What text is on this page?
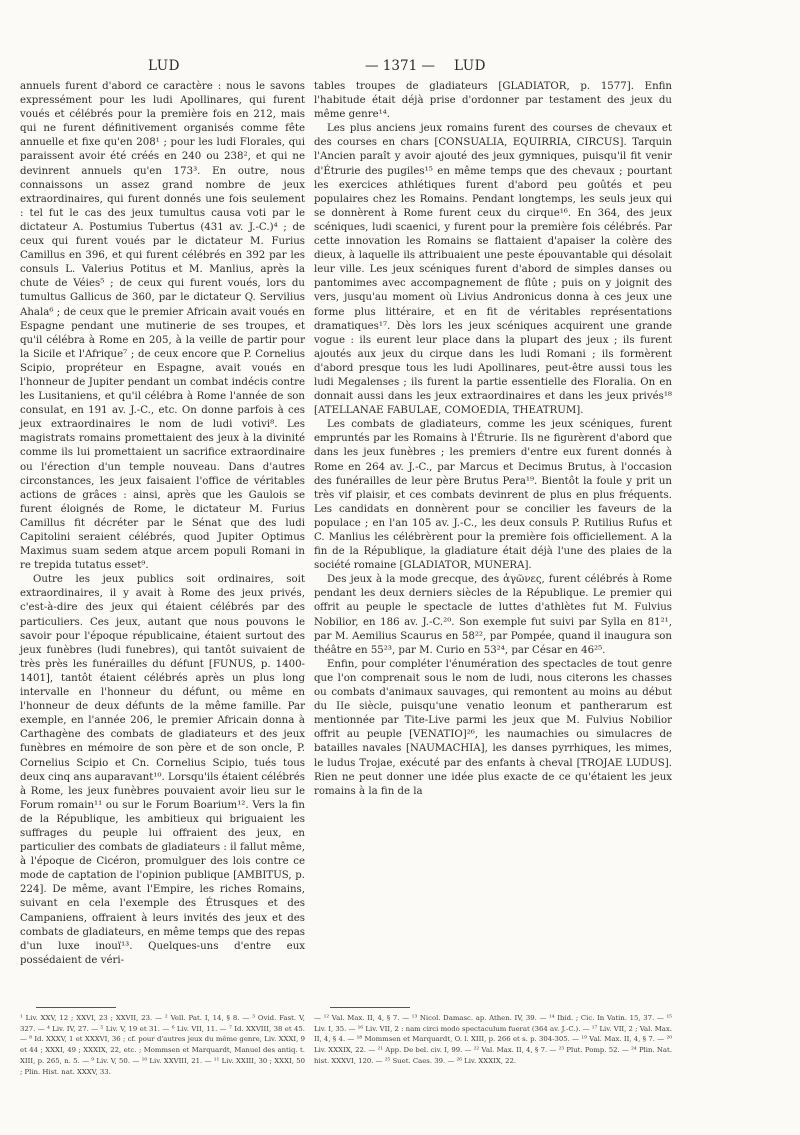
LUD	— 1371 —	LUD

annuels furent d'abord ce caractère : nous le savons expressément pour les ludi Apollinares, qui furent voués et célébrés pour la première fois en 212, mais qui ne furent définitivement organisés comme fête annuelle et fixe qu'en 208¹ ; pour les ludi Florales, qui paraissent avoir été créés en 240 ou 238², et qui ne devinrent annuels qu'en 173³. En outre, nous connaissons un assez grand nombre de jeux extraordinaires, qui furent donnés une fois seulement : tel fut le cas des jeux tumultus causa voti par le dictateur A. Postumius Tubertus (431 av. J.-C.)⁴ ; de ceux qui furent voués par le dictateur M. Furius Camillus en 396, et qui furent célébrés en 392 par les consuls L. Valerius Potitus et M. Manlius, après la chute de Véies⁵ ; de ceux qui furent voués, lors du tumultus Gallicus de 360, par le dictateur Q. Servilius Ahala⁶ ; de ceux que le premier Africain avait voués en Espagne pendant une mutinerie de ses troupes, et qu'il célébra à Rome en 205, à la veille de partir pour la Sicile et l'Afrique⁷ ; de ceux encore que P. Cornelius Scipio, propréteur en Espagne, avait voués en l'honneur de Jupiter pendant un combat indécis contre les Lusitaniens, et qu'il célébra à Rome l'année de son consulat, en 191 av. J.-C., etc. On donne parfois à ces jeux extraordinaires le nom de ludi votivi⁸. Les magistrats romains promettaient des jeux à la divinité comme ils lui promettaient un sacrifice extraordinaire ou l'érection d'un temple nouveau. Dans d'autres circonstances, les jeux faisaient l'office de véritables actions de grâces : ainsi, après que les Gaulois se furent éloignés de Rome, le dictateur M. Furius Camillus fit décréter par le Sénat que des ludi Capitolini seraient célébrés, quod Jupiter Optimus Maximus suam sedem atque arcem populi Romani in re trepida tutatus esset⁹.

Outre les jeux publics soit ordinaires, soit extraordinaires, il y avait à Rome des jeux privés, c'est-à-dire des jeux qui étaient célébrés par des particuliers. Ces jeux, autant que nous pouvons le savoir pour l'époque républicaine, étaient surtout des jeux funèbres (ludi funebres), qui tantôt suivaient de très près les funérailles du défunt [FUNUS, p. 1400-1401], tantôt étaient célébrés après un plus long intervalle en l'honneur du défunt, ou même en l'honneur de deux défunts de la même famille. Par exemple, en l'année 206, le premier Africain donna à Carthagène des combats de gladiateurs et des jeux funèbres en mémoire de son père et de son oncle, P. Cornelius Scipio et Cn. Cornelius Scipio, tués tous deux cinq ans auparavant¹⁰. Lorsqu'ils étaient célébrés à Rome, les jeux funèbres pouvaient avoir lieu sur le Forum romain¹¹ ou sur le Forum Boarium¹². Vers la fin de la République, les ambitieux qui briguaient les suffrages du peuple lui offraient des jeux, en particulier des combats de gladiateurs : il fallut même, à l'époque de Cicéron, promulguer des lois contre ce mode de captation de l'opinion publique [AMBITUS, p. 224]. De même, avant l'Empire, les riches Romains, suivant en cela l'exemple des Étrusques et des Campaniens, offraient à leurs invités des jeux et des combats de gladiateurs, en même temps que des repas d'un luxe inouï¹³. Quelques-uns d'entre eux possédaient de véri-

tables troupes de gladiateurs [GLADIATOR, p. 1577]. Enfin l'habitude était déjà prise d'ordonner par testament des jeux du même genre¹⁴.

Les plus anciens jeux romains furent des courses de chevaux et des courses en chars [CONSUALIA, EQUIRRIA, CIRCUS]. Tarquin l'Ancien paraît y avoir ajouté des jeux gymniques, puisqu'il fit venir d'Étrurie des pugiles¹⁵ en même temps que des chevaux ; pourtant les exercices athlétiques furent d'abord peu goûtés et peu populaires chez les Romains. Pendant longtemps, les seuls jeux qui se donnèrent à Rome furent ceux du cirque¹⁶. En 364, des jeux scéniques, ludi scaenici, y furent pour la première fois célébrés. Par cette innovation les Romains se flattaient d'apaiser la colère des dieux, à laquelle ils attribuaient une peste épouvantable qui désolait leur ville. Les jeux scéniques furent d'abord de simples danses ou pantomimes avec accompagnement de flûte ; puis on y joignit des vers, jusqu'au moment où Livius Andronicus donna à ces jeux une forme plus littéraire, et en fit de véritables représentations dramatiques¹⁷. Dès lors les jeux scéniques acquirent une grande vogue : ils eurent leur place dans la plupart des jeux ; ils furent ajoutés aux jeux du cirque dans les ludi Romani ; ils formèrent d'abord presque tous les ludi Apollinares, peut-être aussi tous les ludi Megalenses ; ils furent la partie essentielle des Floralia. On en donnait aussi dans les jeux extraordinaires et dans les jeux privés¹⁸ [ATELLANAE FABULAE, COMOEDIA, THEATRUM].

Les combats de gladiateurs, comme les jeux scéniques, furent empruntés par les Romains à l'Étrurie. Ils ne figurèrent d'abord que dans les jeux funèbres ; les premiers d'entre eux furent donnés à Rome en 264 av. J.-C., par Marcus et Decimus Brutus, à l'occasion des funérailles de leur père Brutus Pera¹⁹. Bientôt la foule y prit un très vif plaisir, et ces combats devinrent de plus en plus fréquents. Les candidats en donnèrent pour se concilier les faveurs de la populace ; en l'an 105 av. J.-C., les deux consuls P. Rutilius Rufus et C. Manlius les célébrèrent pour la première fois officiellement. A la fin de la République, la gladiature était déjà l'une des plaies de la société romaine [GLADIATOR, MUNERA].

Des jeux à la mode grecque, des ἀγῶνες, furent célébrés à Rome pendant les deux derniers siècles de la République. Le premier qui offrit au peuple le spectacle de luttes d'athlètes fut M. Fulvius Nobilior, en 186 av. J.-C.²⁰. Son exemple fut suivi par Sylla en 81²¹, par M. Aemilius Scaurus en 58²², par Pompée, quand il inaugura son théâtre en 55²³, par M. Curio en 53²⁴, par César en 46²⁵.

Enfin, pour compléter l'énumération des spectacles de tout genre que l'on comprenait sous le nom de ludi, nous citerons les chasses ou combats d'animaux sauvages, qui remontent au moins au début du IIe siècle, puisqu'une venatio leonum et pantherarum est mentionnée par Tite-Live parmi les jeux que M. Fulvius Nobilior offrit au peuple [VENATIO]²⁶, les naumachies ou simulacres de batailles navales [NAUMACHIA], les danses pyrrhiques, les mimes, le ludus Trojae, exécuté par des enfants à cheval [TROJAE LUDUS]. Rien ne peut donner une idée plus exacte de ce qu'étaient les jeux romains à la fin de la

¹ Liv. XXV, 12 ; XXVI, 23 ; XXVII, 23. — ² Vell. Pat. I, 14, § 8. — ³ Ovid. Fast. V, 327. — ⁴ Liv. IV, 27. — ⁵ Liv. V, 19 et 31. — ⁶ Liv. VII, 11. — ⁷ Id. XXVIII, 38 et 45. — ⁸ Id. XXXV, 1 et XXXVI, 36 ; cf. pour d'autres jeux du même genre, Liv. XXXI, 9 et 44 ; XXXI, 49 ; XXXIX, 22, etc. ; Mommsen et Marquardt, Manuel des antiq. t. XIII, p. 265, n. 5. — ⁹ Liv. V, 50. — ¹⁰ Liv. XXVIII, 21. — ¹¹ Liv. XXIII, 30 ; XXXI, 50 ; Plin. Hist. nat. XXXV, 33.
— ¹² Val. Max. II, 4, § 7. — ¹³ Nicol. Damasc. ap. Athen. IV, 39. — ¹⁴ Ibid. ; Cic. In Vatin. 15, 37. — ¹⁵ Liv. I, 35. — ¹⁶ Liv. VII, 2 : nam circi modo spectaculum fuerat (364 av. J.-C.). — ¹⁷ Liv. VII, 2 ; Val. Max. II, 4, § 4. — ¹⁸ Mommsen et Marquardt, O. l. XIII, p. 266 et s. p. 304-305. — ¹⁹ Val. Max. II, 4, § 7. — ²⁰ Liv. XXXIX, 22. — ²¹ App. De bel. civ. I, 99. — ²² Val. Max. II, 4, § 7. — ²³ Plut. Pomp. 52. — ²⁴ Plin. Nat. hist. XXXVI, 120. — ²⁵ Suet. Caes. 39. — ²⁶ Liv. XXXIX, 22.
